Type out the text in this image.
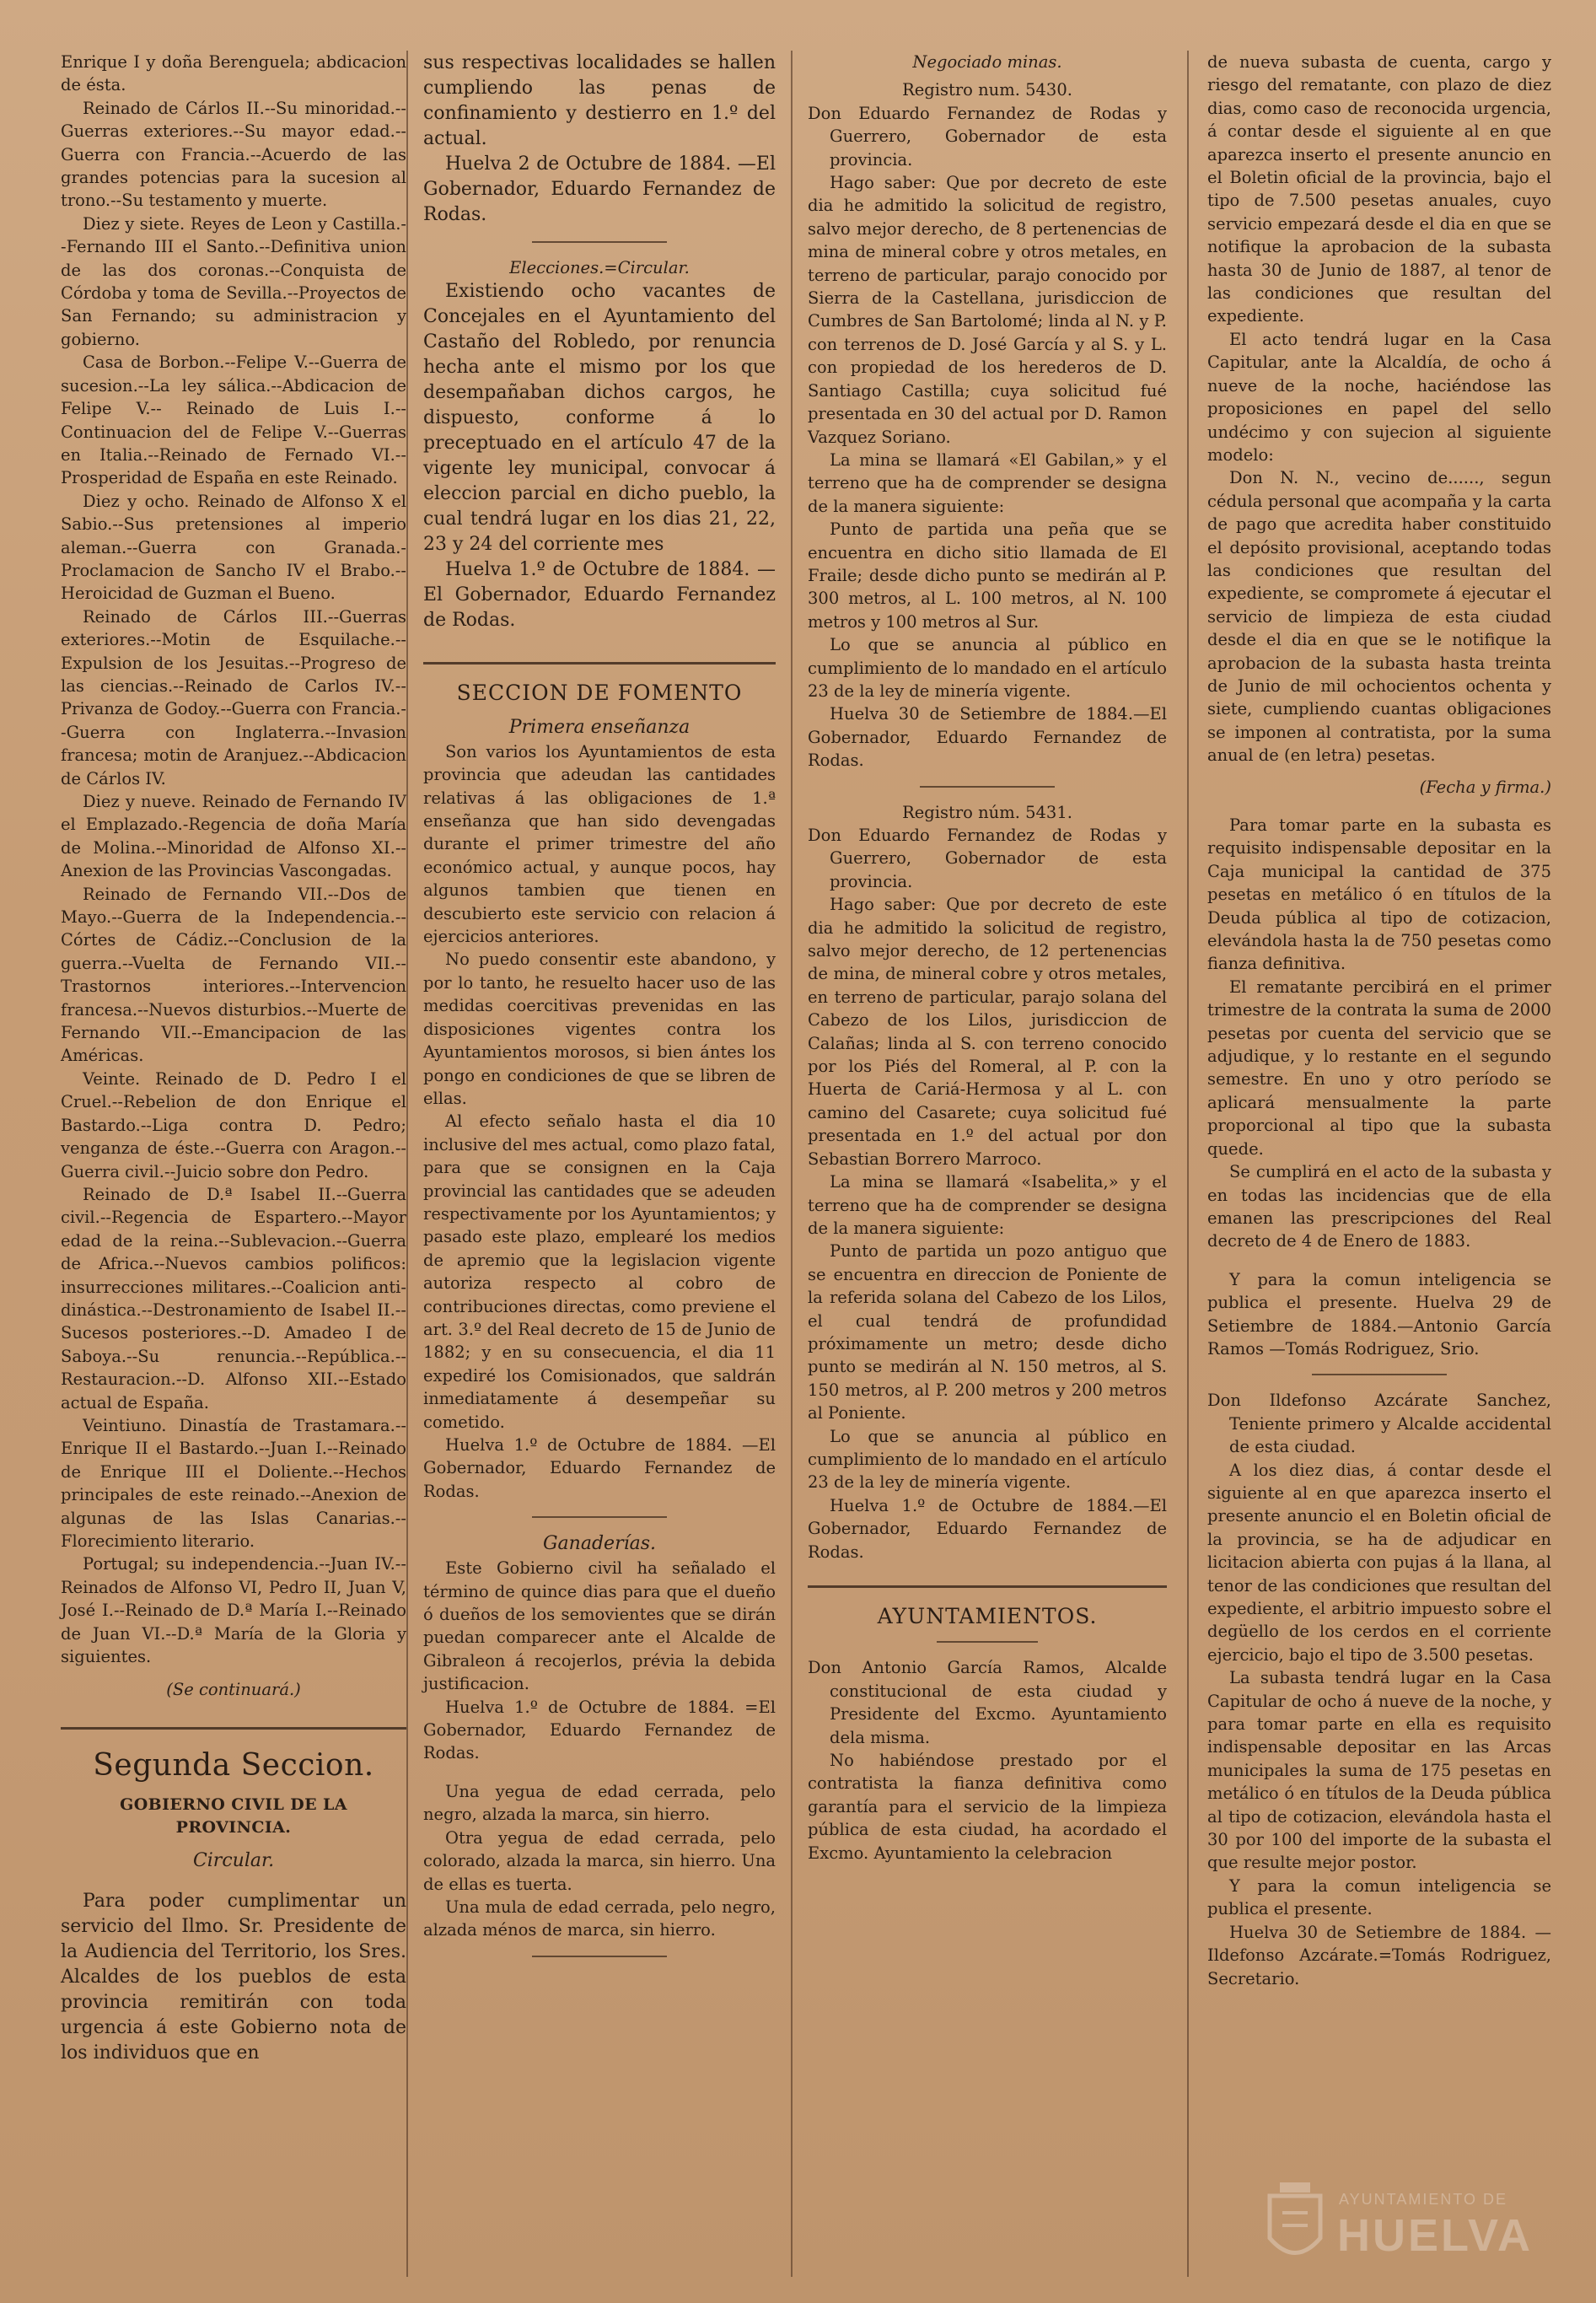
Enrique I y doña Berenguela; abdicacion de ésta.

Reinado de Cárlos II.--Su minoridad.--Guerras exteriores.--Su mayor edad.--Guerra con Francia.--Acuerdo de las grandes potencias para la sucesion al trono.--Su testamento y muerte.

Diez y siete. Reyes de Leon y Castilla.--Fernando III el Santo.--Definitiva union de las dos coronas.--Conquista de Córdoba y toma de Sevilla.--Proyectos de San Fernando; su administracion y gobierno.

Casa de Borbon.--Felipe V.--Guerra de sucesion.--La ley sálica.--Abdicacion de Felipe V.-- Reinado de Luis I.--Continuacion del de Felipe V.--Guerras en Italia.--Reinado de Fernado VI.--Prosperidad de España en este Reinado.

Diez y ocho. Reinado de Alfonso X el Sabio.--Sus pretensiones al imperio aleman.--Guerra con Granada.-Proclamacion de Sancho IV el Brabo.--Heroicidad de Guzman el Bueno.

Reinado de Cárlos III.--Guerras exteriores.--Motin de Esquilache.--Expulsion de los Jesuitas.--Progreso de las ciencias.--Reinado de Carlos IV.--Privanza de Godoy.--Guerra con Francia.--Guerra con Inglaterra.--Invasion francesa; motin de Aranjuez.--Abdicacion de Cárlos IV.

Diez y nueve. Reinado de Fernando IV el Emplazado.-Regencia de doña María de Molina.--Minoridad de Alfonso XI.--Anexion de las Provincias Vascongadas.

Reinado de Fernando VII.--Dos de Mayo.--Guerra de la Independencia.--Córtes de Cádiz.--Conclusion de la guerra.--Vuelta de Fernando VII.--Trastornos interiores.--Intervencion francesa.--Nuevos disturbios.--Muerte de Fernando VII.--Emancipacion de las Américas.

Veinte. Reinado de D. Pedro I el Cruel.--Rebelion de don Enrique el Bastardo.--Liga contra D. Pedro; venganza de éste.--Guerra con Aragon.--Guerra civil.--Juicio sobre don Pedro.

Reinado de D.ª Isabel II.--Guerra civil.--Regencia de Espartero.--Mayor edad de la reina.--Sublevacion.--Guerra de Africa.--Nuevos cambios polificos: insurrecciones militares.--Coalicion anti-dinástica.--Destronamiento de Isabel II.--Sucesos posteriores.--D. Amadeo I de Saboya.--Su renuncia.--República.--Restauracion.--D. Alfonso XII.--Estado actual de España.

Veintiuno. Dinastía de Trastamara.--Enrique II el Bastardo.--Juan I.--Reinado de Enrique III el Doliente.--Hechos principales de este reinado.--Anexion de algunas de las Islas Canarias.--Florecimiento literario.

Portugal; su independencia.--Juan IV.--Reinados de Alfonso VI, Pedro II, Juan V, José I.--Reinado de D.ª María I.--Reinado de Juan VI.--D.ª María de la Gloria y siguientes.

(Se continuará.)

Segunda Seccion.
GOBIERNO CIVIL DE LA PROVINCIA.

Circular.

Para poder cumplimentar un servicio del Ilmo. Sr. Presidente de la Audiencia del Territorio, los Sres. Alcaldes de los pueblos de esta provincia remitirán con toda urgencia á este Gobierno nota de los individuos que en

sus respectivas localidades se hallen cumpliendo las penas de confinamiento y destierro en 1.º del actual.

Huelva 2 de Octubre de 1884. —El Gobernador, Eduardo Fernandez de Rodas.

Elecciones.=Circular.

Existiendo ocho vacantes de Concejales en el Ayuntamiento del Castaño del Robledo, por renuncia hecha ante el mismo por los que desempañaban dichos cargos, he dispuesto, conforme á lo preceptuado en el artículo 47 de la vigente ley municipal, convocar á eleccion parcial en dicho pueblo, la cual tendrá lugar en los dias 21, 22, 23 y 24 del corriente mes

Huelva 1.º de Octubre de 1884. —El Gobernador, Eduardo Fernandez de Rodas.

SECCION DE FOMENTO

Primera enseñanza

Son varios los Ayuntamientos de esta provincia que adeudan las cantidades relativas á las obligaciones de 1.ª enseñanza que han sido devengadas durante el primer trimestre del año económico actual, y aunque pocos, hay algunos tambien que tienen en descubierto este servicio con relacion á ejercicios anteriores.

No puedo consentir este abandono, y por lo tanto, he resuelto hacer uso de las medidas coercitivas prevenidas en las disposiciones vigentes contra los Ayuntamientos morosos, si bien ántes los pongo en condiciones de que se libren de ellas.

Al efecto señalo hasta el dia 10 inclusive del mes actual, como plazo fatal, para que se consignen en la Caja provincial las cantidades que se adeuden respectivamente por los Ayuntamientos; y pasado este plazo, emplearé los medios de apremio que la legislacion vigente autoriza respecto al cobro de contribuciones directas, como previene el art. 3.º del Real decreto de 15 de Junio de 1882; y en su consecuencia, el dia 11 expediré los Comisionados, que saldrán inmediatamente á desempeñar su cometido.

Huelva 1.º de Octubre de 1884. —El Gobernador, Eduardo Fernandez de Rodas.

Ganaderías.

Este Gobierno civil ha señalado el término de quince dias para que el dueño ó dueños de los semovientes que se dirán puedan comparecer ante el Alcalde de Gibraleon á recojerlos, prévia la debida justificacion.

Huelva 1.º de Octubre de 1884. =El Gobernador, Eduardo Fernandez de Rodas.

Una yegua de edad cerrada, pelo negro, alzada la marca, sin hierro.

Otra yegua de edad cerrada, pelo colorado, alzada la marca, sin hierro. Una de ellas es tuerta.

Una mula de edad cerrada, pelo negro, alzada ménos de marca, sin hierro.

Negociado minas.

Registro num. 5430.

Don Eduardo Fernandez de Rodas y Guerrero, Gobernador de esta provincia.

Hago saber: Que por decreto de este dia he admitido la solicitud de registro, salvo mejor derecho, de 8 pertenencias de mina de mineral cobre y otros metales, en terreno de particular, parajo conocido por Sierra de la Castellana, jurisdiccion de Cumbres de San Bartolomé; linda al N. y P. con terrenos de D. José García y al S. y L. con propiedad de los herederos de D. Santiago Castilla; cuya solicitud fué presentada en 30 del actual por D. Ramon Vazquez Soriano.

La mina se llamará «El Gabilan,» y el terreno que ha de comprender se designa de la manera siguiente:

Punto de partida una peña que se encuentra en dicho sitio llamada de El Fraile; desde dicho punto se medirán al P. 300 metros, al L. 100 metros, al N. 100 metros y 100 metros al Sur.

Lo que se anuncia al público en cumplimiento de lo mandado en el artículo 23 de la ley de minería vigente.

Huelva 30 de Setiembre de 1884.—El Gobernador, Eduardo Fernandez de Rodas.

Registro núm. 5431.

Don Eduardo Fernandez de Rodas y Guerrero, Gobernador de esta provincia.

Hago saber: Que por decreto de este dia he admitido la solicitud de registro, salvo mejor derecho, de 12 pertenencias de mina, de mineral cobre y otros metales, en terreno de particular, parajo solana del Cabezo de los Lilos, jurisdiccion de Calañas; linda al S. con terreno conocido por los Piés del Romeral, al P. con la Huerta de Cariá-Hermosa y al L. con camino del Casarete; cuya solicitud fué presentada en 1.º del actual por don Sebastian Borrero Marroco.

La mina se llamará «Isabelita,» y el terreno que ha de comprender se designa de la manera siguiente:

Punto de partida un pozo antiguo que se encuentra en direccion de Poniente de la referida solana del Cabezo de los Lilos, el cual tendrá de profundidad próximamente un metro; desde dicho punto se medirán al N. 150 metros, al S. 150 metros, al P. 200 metros y 200 metros al Poniente.

Lo que se anuncia al público en cumplimiento de lo mandado en el artículo 23 de la ley de minería vigente.

Huelva 1.º de Octubre de 1884.—El Gobernador, Eduardo Fernandez de Rodas.

AYUNTAMIENTOS.

Don Antonio García Ramos, Alcalde constitucional de esta ciudad y Presidente del Excmo. Ayuntamiento dela misma.

No habiéndose prestado por el contratista la fianza definitiva como garantía para el servicio de la limpieza pública de esta ciudad, ha acordado el Excmo. Ayuntamiento la celebracion

de nueva subasta de cuenta, cargo y riesgo del rematante, con plazo de diez dias, como caso de reconocida urgencia, á contar desde el siguiente al en que aparezca inserto el presente anuncio en el Boletin oficial de la provincia, bajo el tipo de 7.500 pesetas anuales, cuyo servicio empezará desde el dia en que se notifique la aprobacion de la subasta hasta 30 de Junio de 1887, al tenor de las condiciones que resultan del expediente.

El acto tendrá lugar en la Casa Capitular, ante la Alcaldía, de ocho á nueve de la noche, haciéndose las proposiciones en papel del sello undécimo y con sujecion al siguiente modelo:

Don N. N., vecino de......, segun cédula personal que acompaña y la carta de pago que acredita haber constituido el depósito provisional, aceptando todas las condiciones que resultan del expediente, se compromete á ejecutar el servicio de limpieza de esta ciudad desde el dia en que se le notifique la aprobacion de la subasta hasta treinta de Junio de mil ochocientos ochenta y siete, cumpliendo cuantas obligaciones se imponen al contratista, por la suma anual de (en letra) pesetas.

(Fecha y firma.)

Para tomar parte en la subasta es requisito indispensable depositar en la Caja municipal la cantidad de 375 pesetas en metálico ó en títulos de la Deuda pública al tipo de cotizacion, elevándola hasta la de 750 pesetas como fianza definitiva.

El rematante percibirá en el primer trimestre de la contrata la suma de 2000 pesetas por cuenta del servicio que se adjudique, y lo restante en el segundo semestre. En uno y otro período se aplicará mensualmente la parte proporcional al tipo que la subasta quede.

Se cumplirá en el acto de la subasta y en todas las incidencias que de ella emanen las prescripciones del Real decreto de 4 de Enero de 1883.

Y para la comun inteligencia se publica el presente. Huelva 29 de Setiembre de 1884.—Antonio García Ramos —Tomás Rodriguez, Srio.

Don Ildefonso Azcárate Sanchez, Teniente primero y Alcalde accidental de esta ciudad.

A los diez dias, á contar desde el siguiente al en que aparezca inserto el presente anuncio el en Boletin oficial de la provincia, se ha de adjudicar en licitacion abierta con pujas á la llana, al tenor de las condiciones que resultan del expediente, el arbitrio impuesto sobre el degüello de los cerdos en el corriente ejercicio, bajo el tipo de 3.500 pesetas.

La subasta tendrá lugar en la Casa Capitular de ocho á nueve de la noche, y para tomar parte en ella es requisito indispensable depositar en las Arcas municipales la suma de 175 pesetas en metálico ó en títulos de la Deuda pública al tipo de cotizacion, elevándola hasta el 30 por 100 del importe de la subasta el que resulte mejor postor.

Y para la comun inteligencia se publica el presente.

Huelva 30 de Setiembre de 1884. —Ildefonso Azcárate.=Tomás Rodriguez, Secretario.

AYUNTAMIENTO DE
HUELVA
